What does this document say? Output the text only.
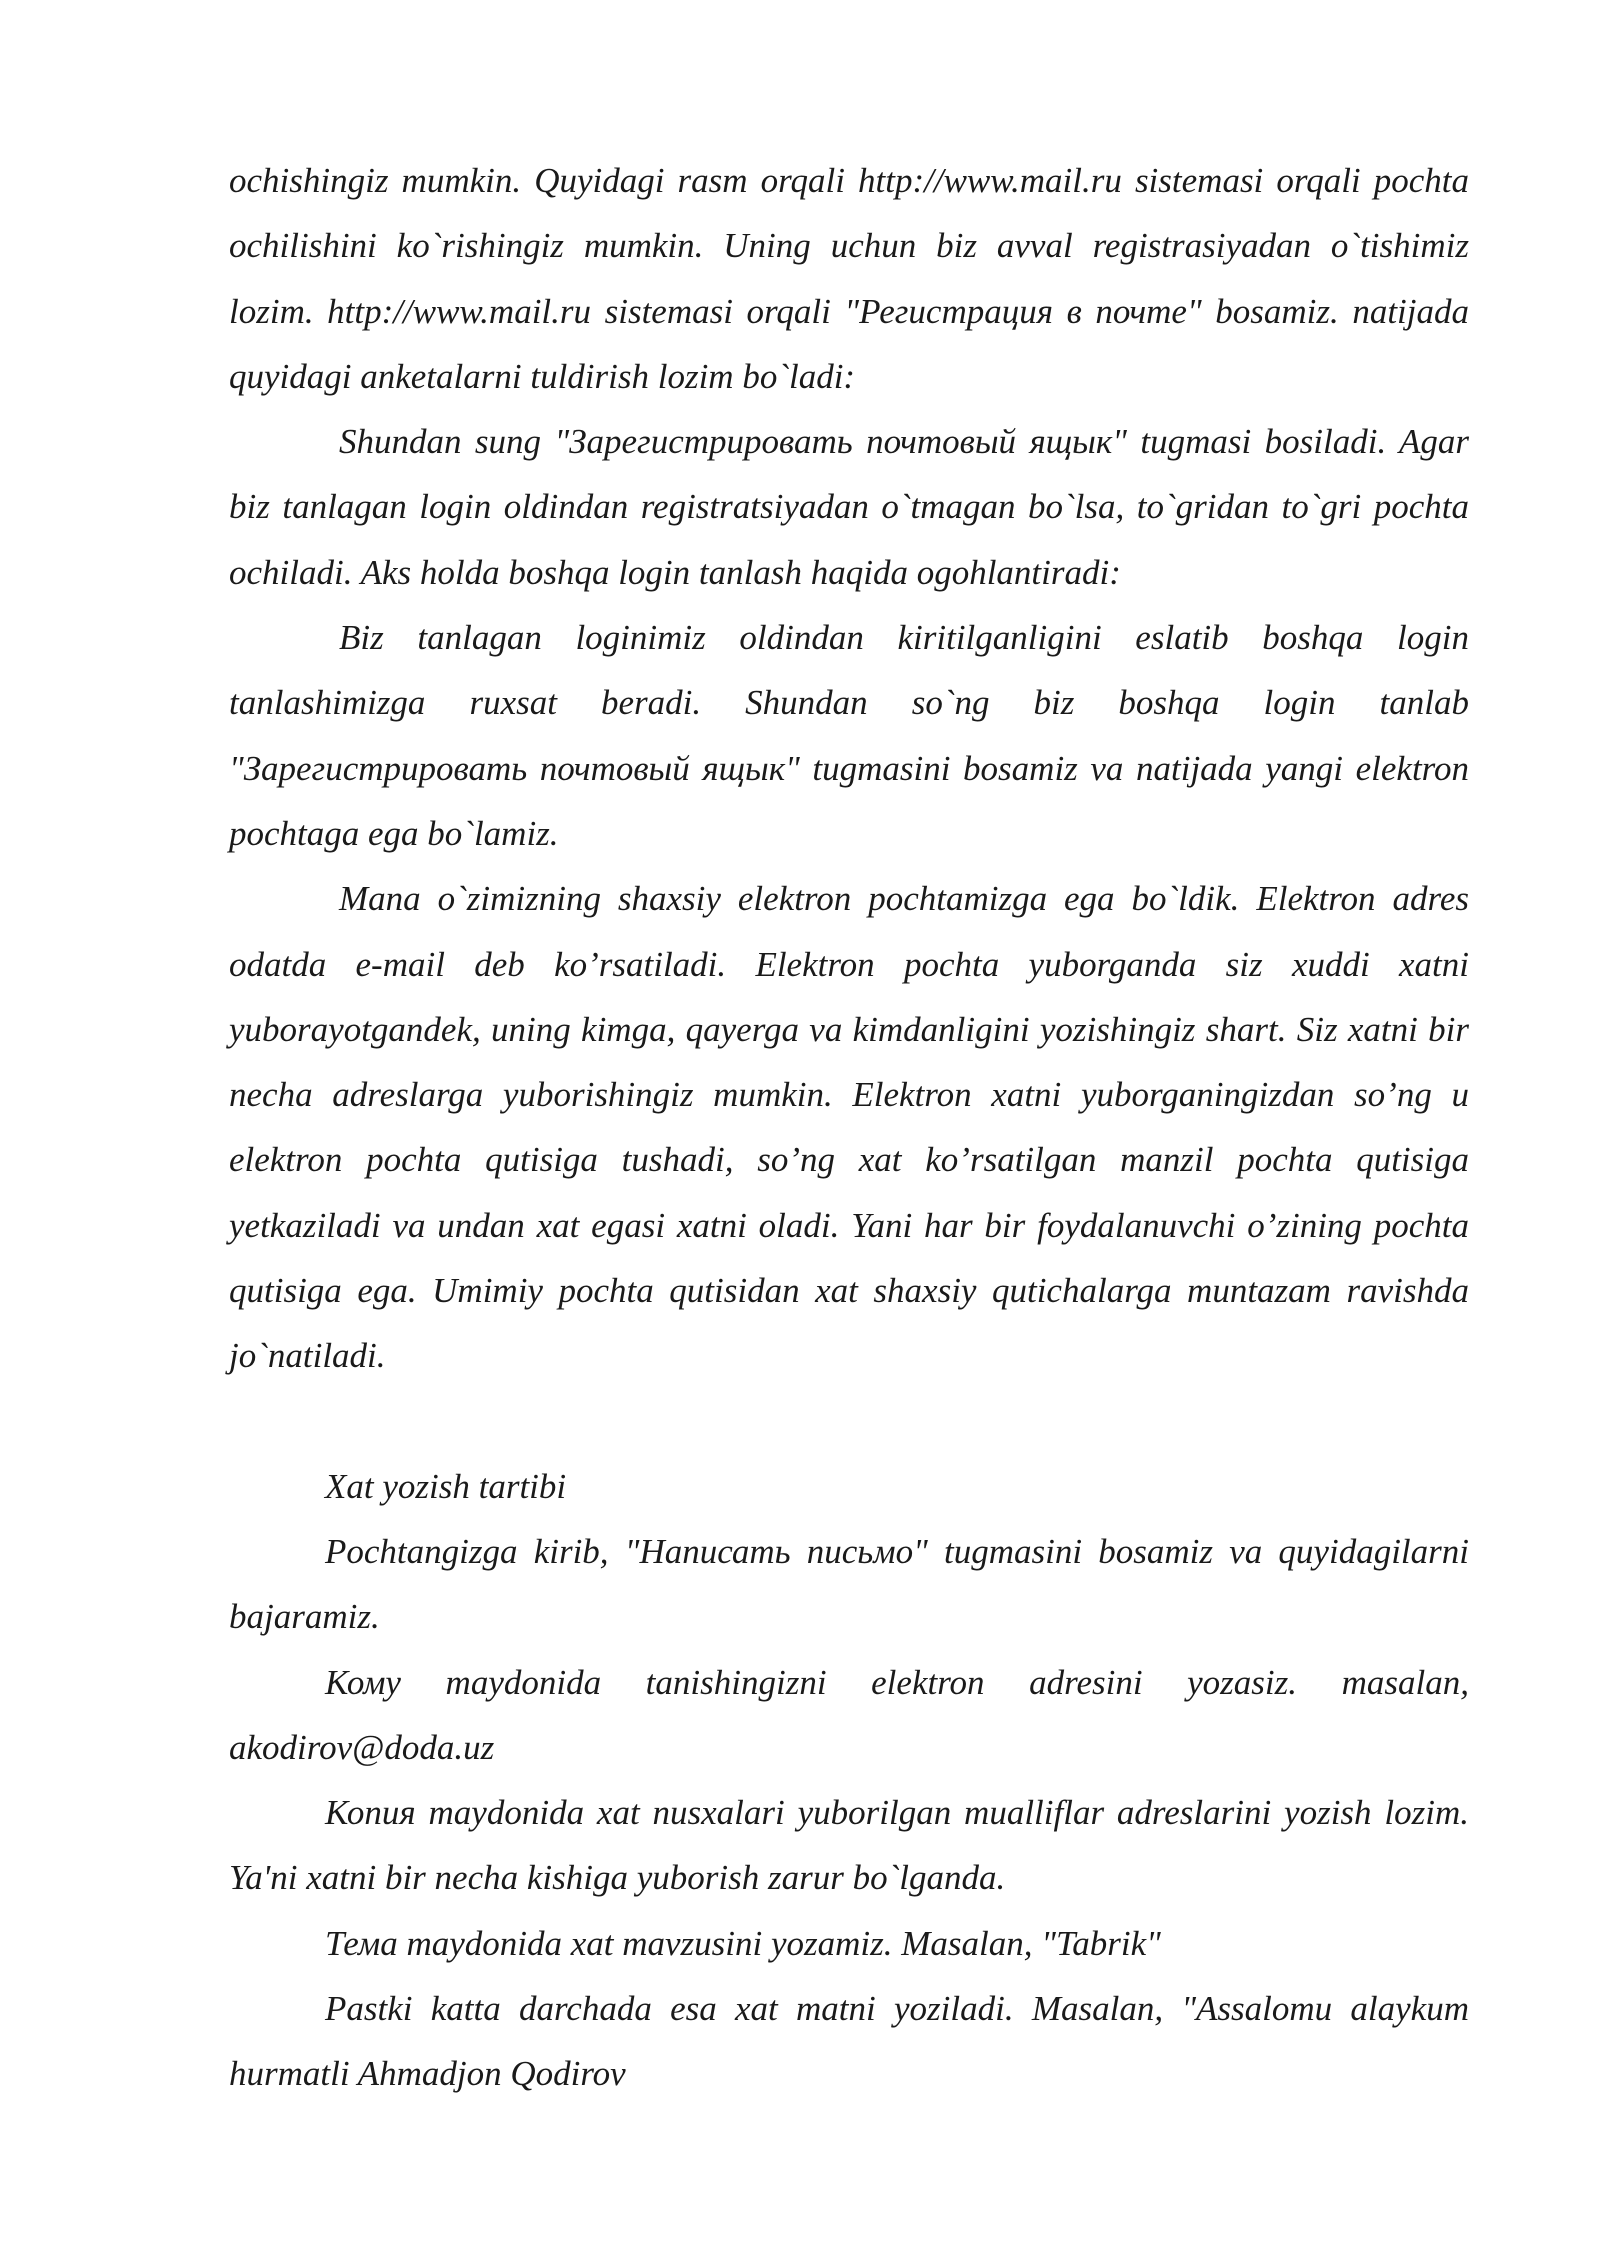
ochishingiz mumkin. Quyidagi rasm orqali http://www.mail.ru sistemasi orqali pochta ochilishini ko`rishingiz mumkin. Uning uchun biz avval registrasiyadan o`tishimiz lozim. http://www.mail.ru sistemasi orqali "Регистрация в почте" bosamiz. natijada quyidagi anketalarni tuldirish lozim bo`ladi:

Shundan sung "Зарегистрировать почтовый ящык" tugmasi bosiladi. Agar biz tanlagan login oldindan registratsiyadan o`tmagan bo`lsa, to`gridan to`gri pochta ochiladi. Aks holda boshqa login tanlash haqida ogohlantiradi:

Biz tanlagan loginimiz oldindan kiritilganligini eslatib boshqa login tanlashimizga ruxsat beradi. Shundan so`ng biz boshqa login tanlab "Зарегистрировать почтовый ящык" tugmasini bosamiz va natijada yangi elektron pochtaga ega bo`lamiz.

Mana o`zimizning shaxsiy elektron pochtamizga ega bo`ldik. Elektron adres odatda e-mail deb ko’rsatiladi. Elektron pochta yuborganda siz xuddi xatni yuborayotgandek, uning kimga, qayerga va kimdanligini yozishingiz shart. Siz xatni bir necha adreslarga yuborishingiz mumkin. Elektron xatni yuborganingizdan so’ng u elektron pochta qutisiga tushadi, so’ng xat ko’rsatilgan manzil pochta qutisiga yetkaziladi va undan xat egasi xatni oladi. Yani har bir foydalanuvchi o’zining pochta qutisiga ega. Umimiy pochta qutisidan xat shaxsiy qutichalarga muntazam ravishda jo`natiladi.

Xat yozish tartibi

Pochtangizga kirib, "Написать письмо" tugmasini bosamiz va quyidagilarni bajaramiz.

Кому maydonida tanishingizni elektron adresini yozasiz. masalan, akodirov@doda.uz

Копия maydonida xat nusxalari yuborilgan mualliflar adreslarini yozish lozim. Ya'ni xatni bir necha kishiga yuborish zarur bo`lganda.

Тема maydonida xat mavzusini yozamiz. Masalan, "Tabrik"

Pastki katta darchada esa xat matni yoziladi. Masalan, "Assalomu alaykum hurmatli Ahmadjon Qodirov
